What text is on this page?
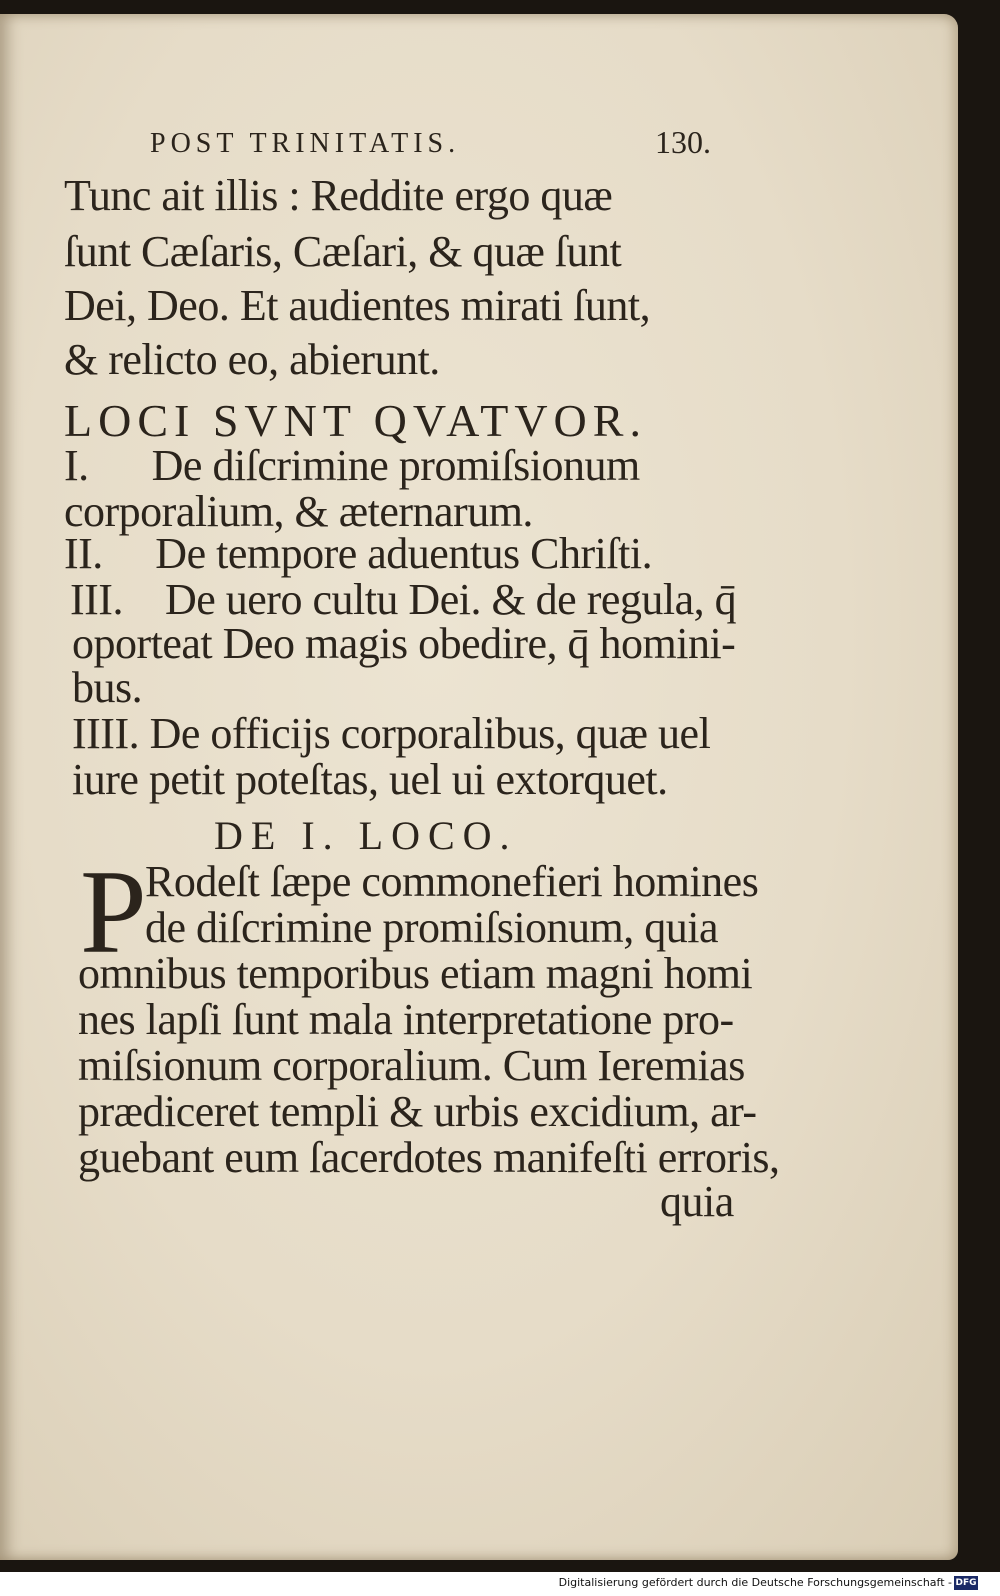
POST TRINITATIS.	130.

Tunc ait illis : Reddite ergo quæ

ſunt Cæſaris, Cæſari, & quæ ſunt

Dei, Deo. Et audientes mirati ſunt,

& relicto eo, abierunt.

LOCI SVNT QVATVOR.

I.      De diſcrimine promiſsionum

corporalium, & æternarum.

II.     De tempore aduentus Chriſti.

III.    De uero cultu Dei. & de regula, q̄

oporteat Deo magis obedire, q̄ homini-

bus.

IIII. De officijs corporalibus, quæ uel

iure petit poteſtas, uel ui extorquet.

DE I. LOCO.

P

Rodeſt ſæpe commonefieri homines

de diſcrimine promiſsionum, quia

omnibus temporibus etiam magni homi

nes lapſi ſunt mala interpretatione pro-

miſsionum corporalium. Cum Ieremias

prædiceret templi & urbis excidium, ar-

guebant eum ſacerdotes manifeſti erroris,

quia

Digitalisierung gefördert durch die Deutsche Forschungsgemeinschaft - DFG
